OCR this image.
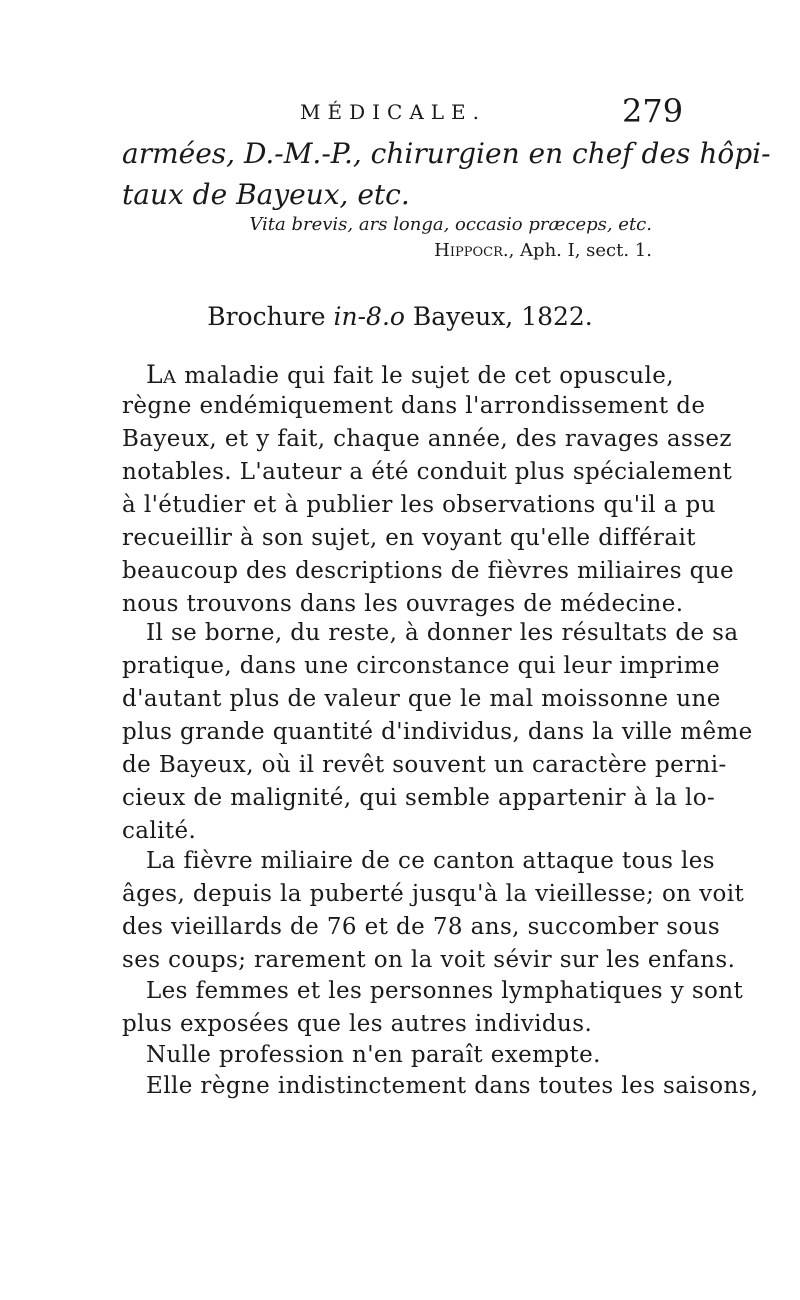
MÉDICALE.	279
armées, D.-M.-P., chirurgien en chef des hôpi-
taux de Bayeux, etc.
Vita brevis, ars longa, occasio præceps, etc.
Hippocr., Aph. I, sect. 1.
Brochure in-8.o Bayeux, 1822.
La maladie qui fait le sujet de cet opuscule,
règne endémiquement dans l'arrondissement de
Bayeux, et y fait, chaque année, des ravages assez
notables. L'auteur a été conduit plus spécialement
à l'étudier et à publier les observations qu'il a pu
recueillir à son sujet, en voyant qu'elle différait
beaucoup des descriptions de fièvres miliaires que
nous trouvons dans les ouvrages de médecine.
Il se borne, du reste, à donner les résultats de sa
pratique, dans une circonstance qui leur imprime
d'autant plus de valeur que le mal moissonne une
plus grande quantité d'individus, dans la ville même
de Bayeux, où il revêt souvent un caractère perni-
cieux de malignité, qui semble appartenir à la lo-
calité.
La fièvre miliaire de ce canton attaque tous les
âges, depuis la puberté jusqu'à la vieillesse; on voit
des vieillards de 76 et de 78 ans, succomber sous
ses coups; rarement on la voit sévir sur les enfans.
Les femmes et les personnes lymphatiques y sont
plus exposées que les autres individus.
Nulle profession n'en paraît exempte.
Elle règne indistinctement dans toutes les saisons,
